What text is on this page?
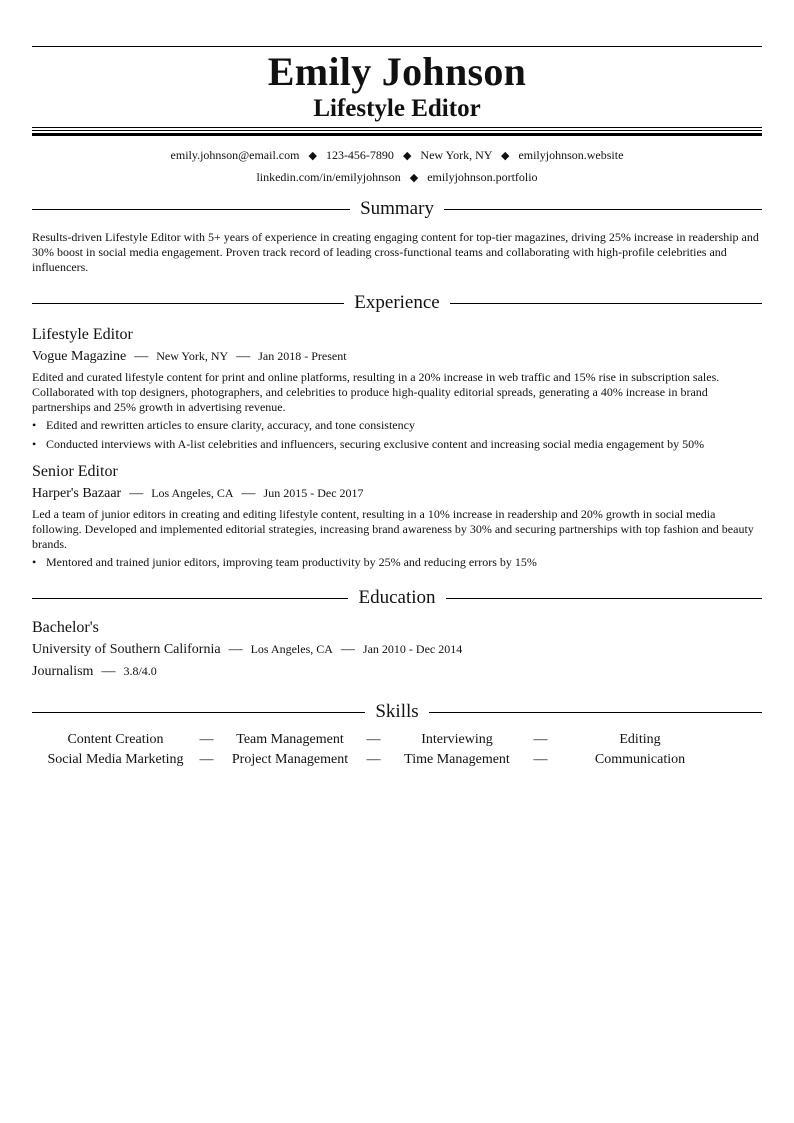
Emily Johnson
Lifestyle Editor
emily.johnson@email.com ◆ 123-456-7890 ◆ New York, NY ◆ emilyjohnson.website
linkedin.com/in/emilyjohnson ◆ emilyjohnson.portfolio
Summary
Results-driven Lifestyle Editor with 5+ years of experience in creating engaging content for top-tier magazines, driving 25% increase in readership and 30% boost in social media engagement. Proven track record of leading cross-functional teams and collaborating with high-profile celebrities and influencers.
Experience
Lifestyle Editor
Vogue Magazine — New York, NY — Jan 2018 - Present
Edited and curated lifestyle content for print and online platforms, resulting in a 20% increase in web traffic and 15% rise in subscription sales. Collaborated with top designers, photographers, and celebrities to produce high-quality editorial spreads, generating a 40% increase in brand partnerships and 25% growth in advertising revenue.
• Edited and rewritten articles to ensure clarity, accuracy, and tone consistency
• Conducted interviews with A-list celebrities and influencers, securing exclusive content and increasing social media engagement by 50%
Senior Editor
Harper's Bazaar — Los Angeles, CA — Jun 2015 - Dec 2017
Led a team of junior editors in creating and editing lifestyle content, resulting in a 10% increase in readership and 20% growth in social media following. Developed and implemented editorial strategies, increasing brand awareness by 30% and securing partnerships with top fashion and beauty brands.
• Mentored and trained junior editors, improving team productivity by 25% and reducing errors by 15%
Education
Bachelor's
University of Southern California — Los Angeles, CA — Jan 2010 - Dec 2014
Journalism — 3.8/4.0
Skills
Content Creation	—	Team Management	—	Interviewing	—	Editing
Social Media Marketing	—	Project Management	—	Time Management	—	Communication
